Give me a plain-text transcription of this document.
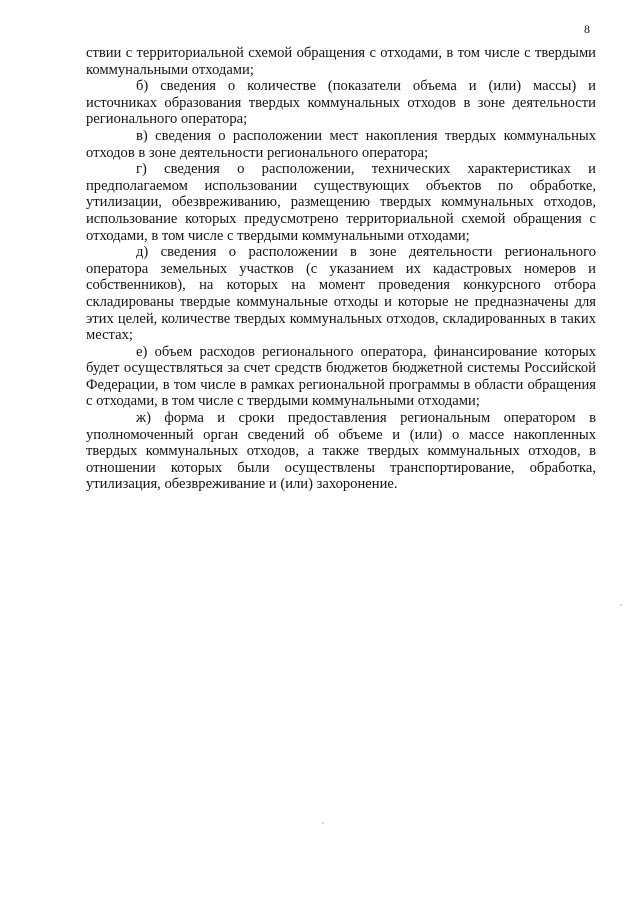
8

ствии с территориальной схемой обращения с отходами, в том числе с твердыми коммунальными отходами;

б) сведения о количестве (показатели объема и (или) массы) и источниках образования твердых коммунальных отходов в зоне деятельности регионального оператора;

в) сведения о расположении мест накопления твердых коммунальных отходов в зоне деятельности регионального оператора;

г) сведения о расположении, технических характеристиках и предполагаемом использовании существующих объектов по обработке, утилизации, обезвреживанию, размещению твердых коммунальных отходов, использование которых предусмотрено территориальной схемой обращения с отходами, в том числе с твердыми коммунальными отходами;

д) сведения о расположении в зоне деятельности регионального оператора земельных участков (с указанием их кадастровых номеров и собственников), на которых на момент проведения конкурсного отбора складированы твердые коммунальные отходы и которые не предназначены для этих целей, количестве твердых коммунальных отходов, складированных в таких местах;

е) объем расходов регионального оператора, финансирование которых будет осуществляться за счет средств бюджетов бюджетной системы Российской Федерации, в том числе в рамках региональной программы в области обращения с отходами, в том числе с твердыми коммунальными отходами;

ж) форма и сроки предоставления региональным оператором в уполномоченный орган сведений об объеме и (или) о массе накопленных твердых коммунальных отходов, а также твердых коммунальных отходов, в отношении которых были осуществлены транспортирование, обработка, утилизация, обезвреживание и (или) захоронение.
